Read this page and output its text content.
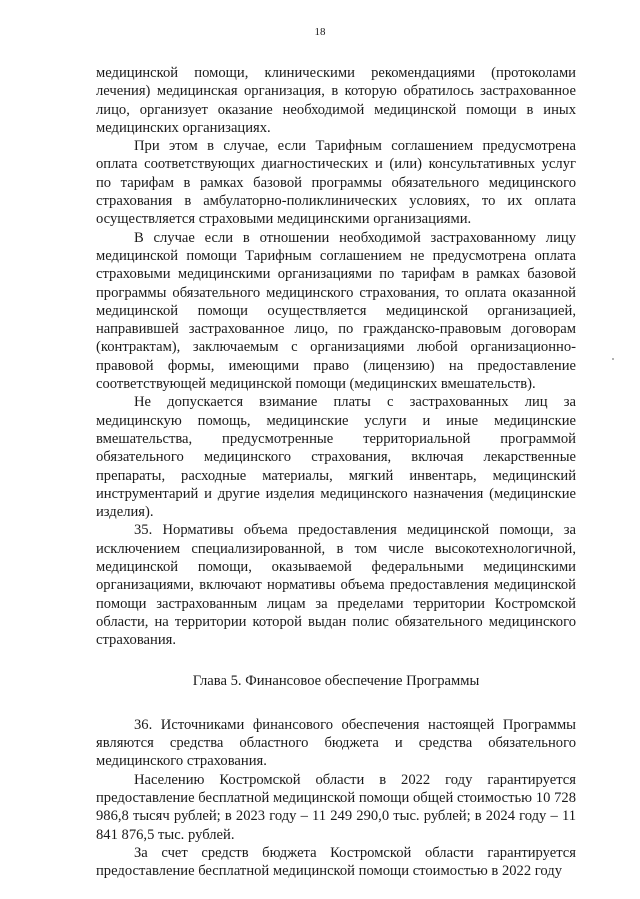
18

медицинской помощи, клиническими рекомендациями (протоколами лечения) медицинская организация, в которую обратилось застрахованное лицо, организует оказание необходимой медицинской помощи в иных медицинских организациях.

При этом в случае, если Тарифным соглашением предусмотрена оплата соответствующих диагностических и (или) консультативных услуг по тарифам в рамках базовой программы обязательного медицинского страхования в амбулаторно-поликлинических условиях, то их оплата осуществляется страховыми медицинскими организациями.

В случае если в отношении необходимой застрахованному лицу медицинской помощи Тарифным соглашением не предусмотрена оплата страховыми медицинскими организациями по тарифам в рамках базовой программы обязательного медицинского страхования, то оплата оказанной медицинской помощи осуществляется медицинской организацией, направившей застрахованное лицо, по гражданско-правовым договорам (контрактам), заключаемым с организациями любой организационно-правовой формы, имеющими право (лицензию) на предоставление соответствующей медицинской помощи (медицинских вмешательств).

Не допускается взимание платы с застрахованных лиц за медицинскую помощь, медицинские услуги и иные медицинские вмешательства, предусмотренные территориальной программой обязательного медицинского страхования, включая лекарственные препараты, расходные материалы, мягкий инвентарь, медицинский инструментарий и другие изделия медицинского назначения (медицинские изделия).

35. Нормативы объема предоставления медицинской помощи, за исключением специализированной, в том числе высокотехнологичной, медицинской помощи, оказываемой федеральными медицинскими организациями, включают нормативы объема предоставления медицинской помощи застрахованным лицам за пределами территории Костромской области, на территории которой выдан полис обязательного медицинского страхования.

Глава 5. Финансовое обеспечение Программы

36. Источниками финансового обеспечения настоящей Программы являются средства областного бюджета и средства обязательного медицинского страхования.

Населению Костромской области в 2022 году гарантируется предоставление бесплатной медицинской помощи общей стоимостью 10 728 986,8 тысяч рублей; в 2023 году – 11 249 290,0 тыс. рублей; в 2024 году – 11 841 876,5 тыс. рублей.

За счет средств бюджета Костромской области гарантируется предоставление бесплатной медицинской помощи стоимостью в 2022 году
